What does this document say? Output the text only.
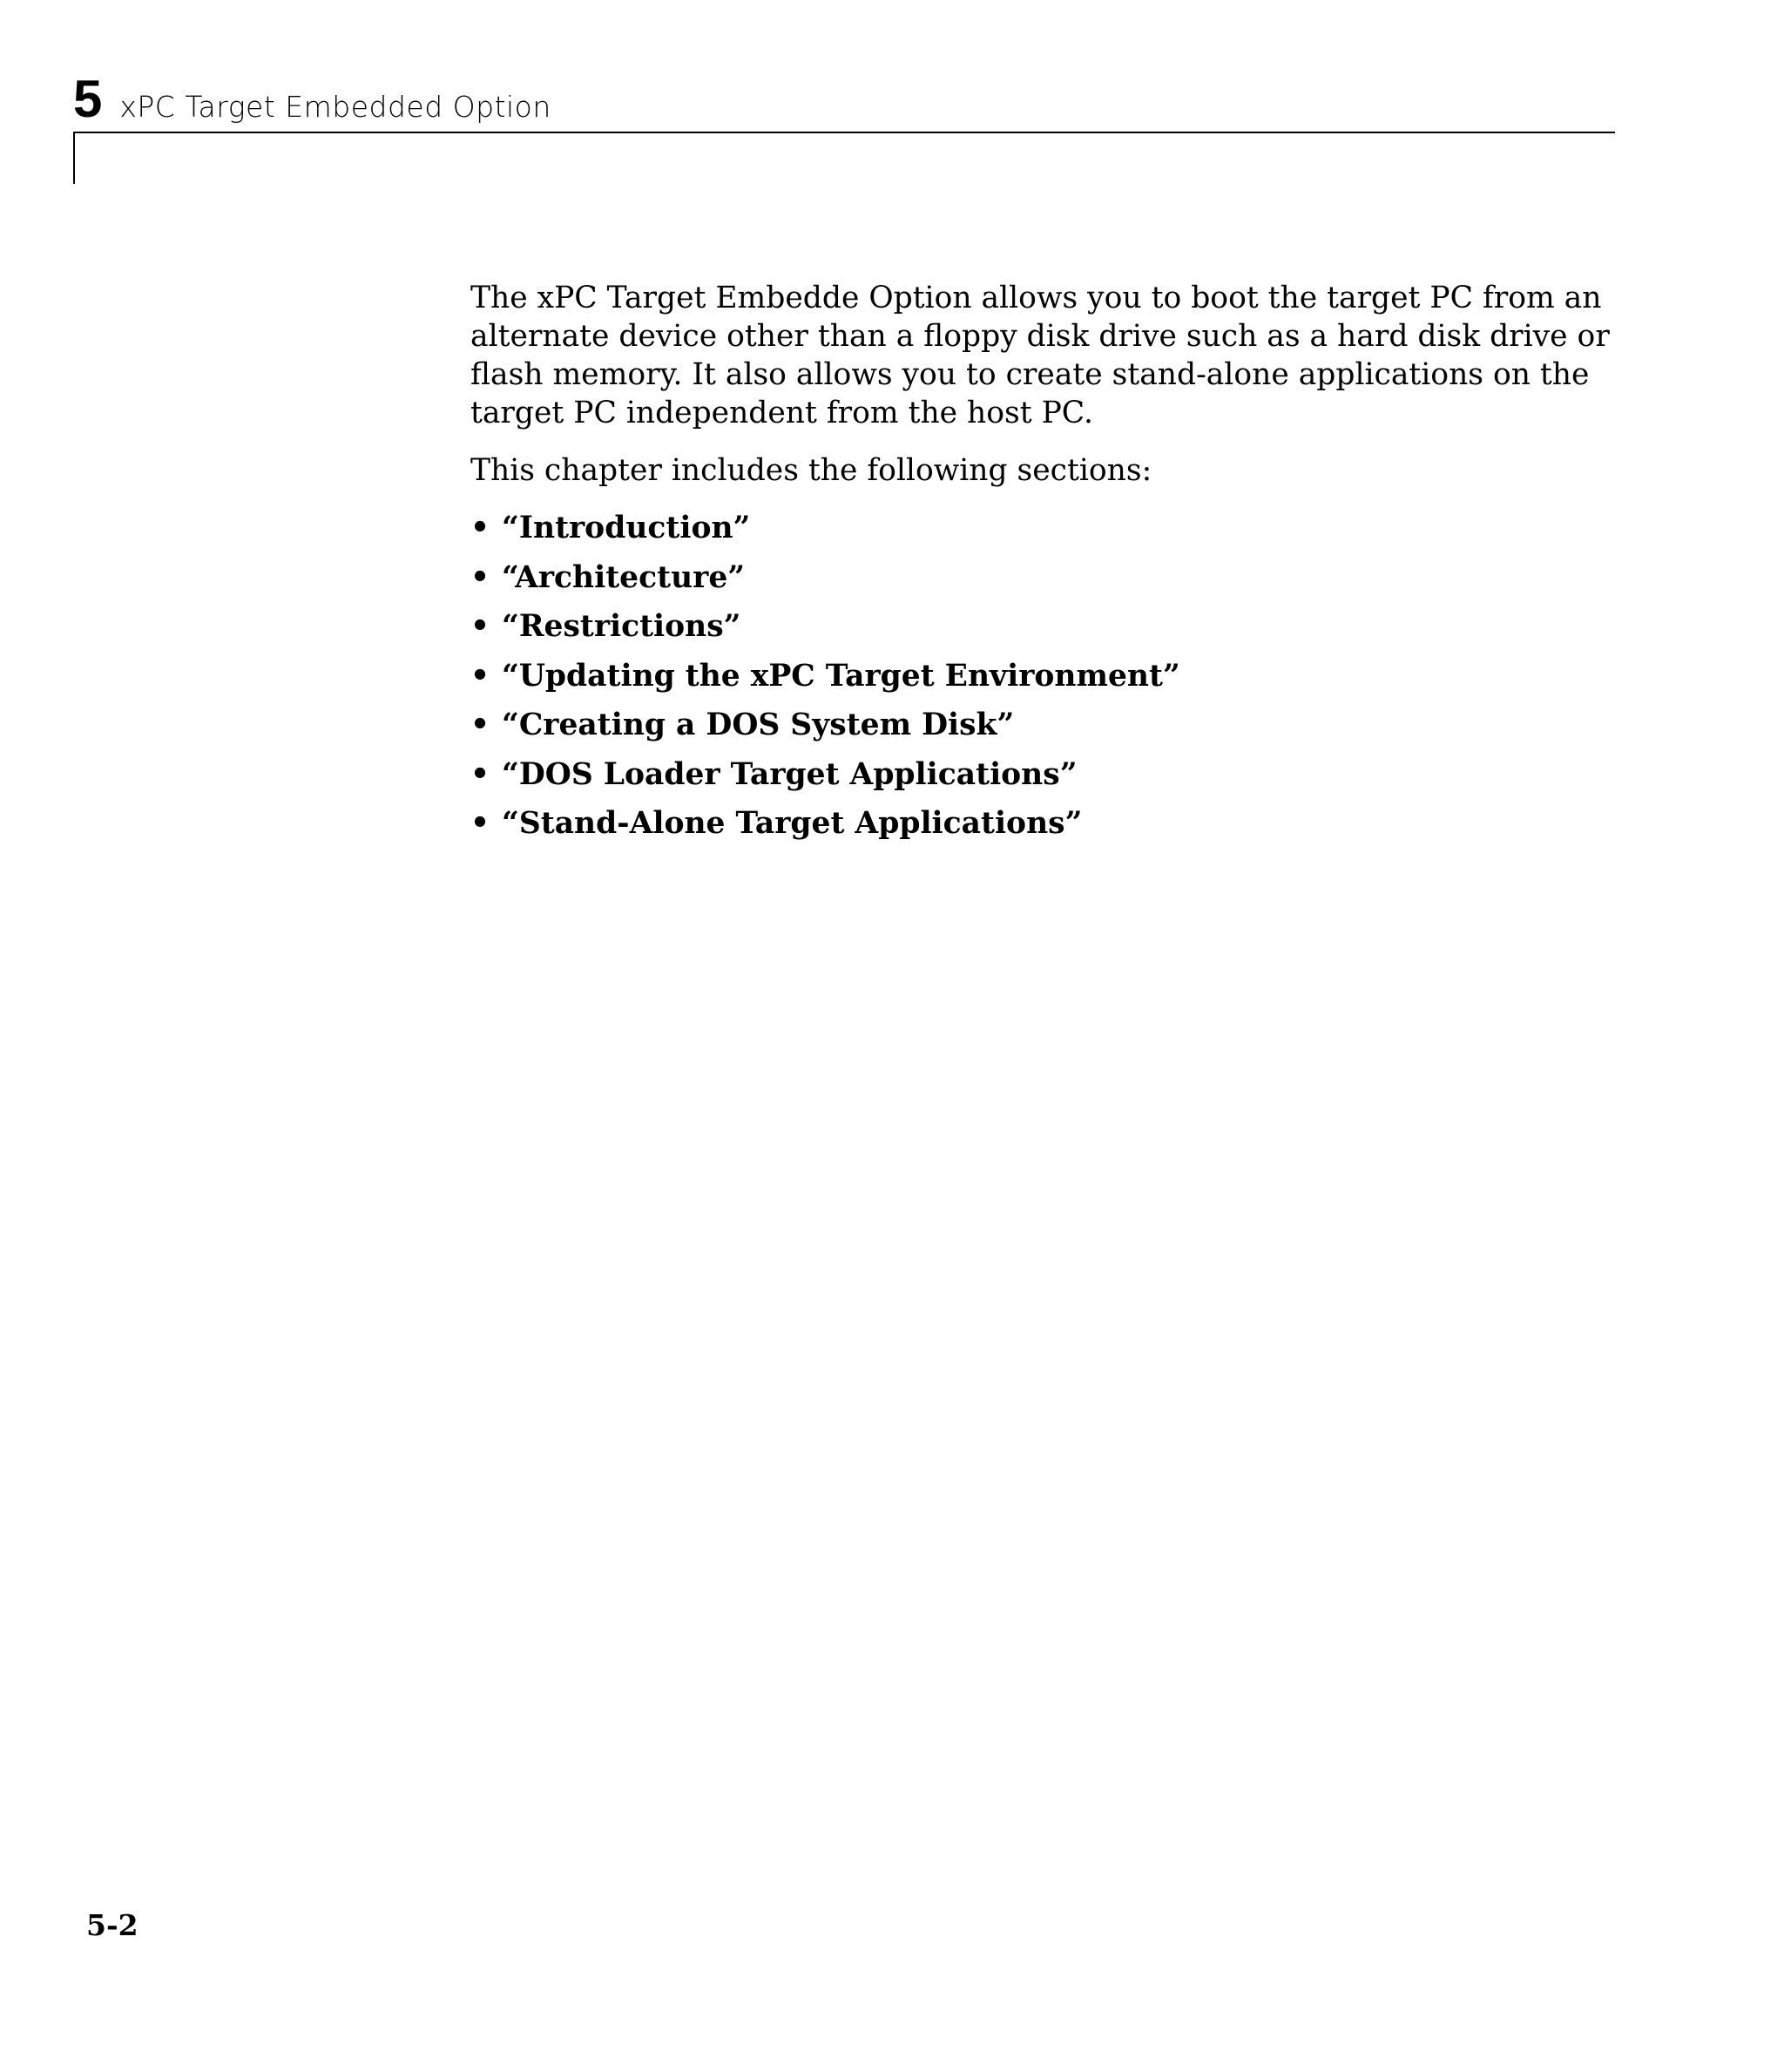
5 xPC Target Embedded Option

The xPC Target Embedde Option allows you to boot the target PC from an alternate device other than a floppy disk drive such as a hard disk drive or flash memory. It also allows you to create stand-alone applications on the target PC independent from the host PC.

This chapter includes the following sections:

• “Introduction”
• “Architecture”
• “Restrictions”
• “Updating the xPC Target Environment”
• “Creating a DOS System Disk”
• “DOS Loader Target Applications”
• “Stand-Alone Target Applications”
5-2
